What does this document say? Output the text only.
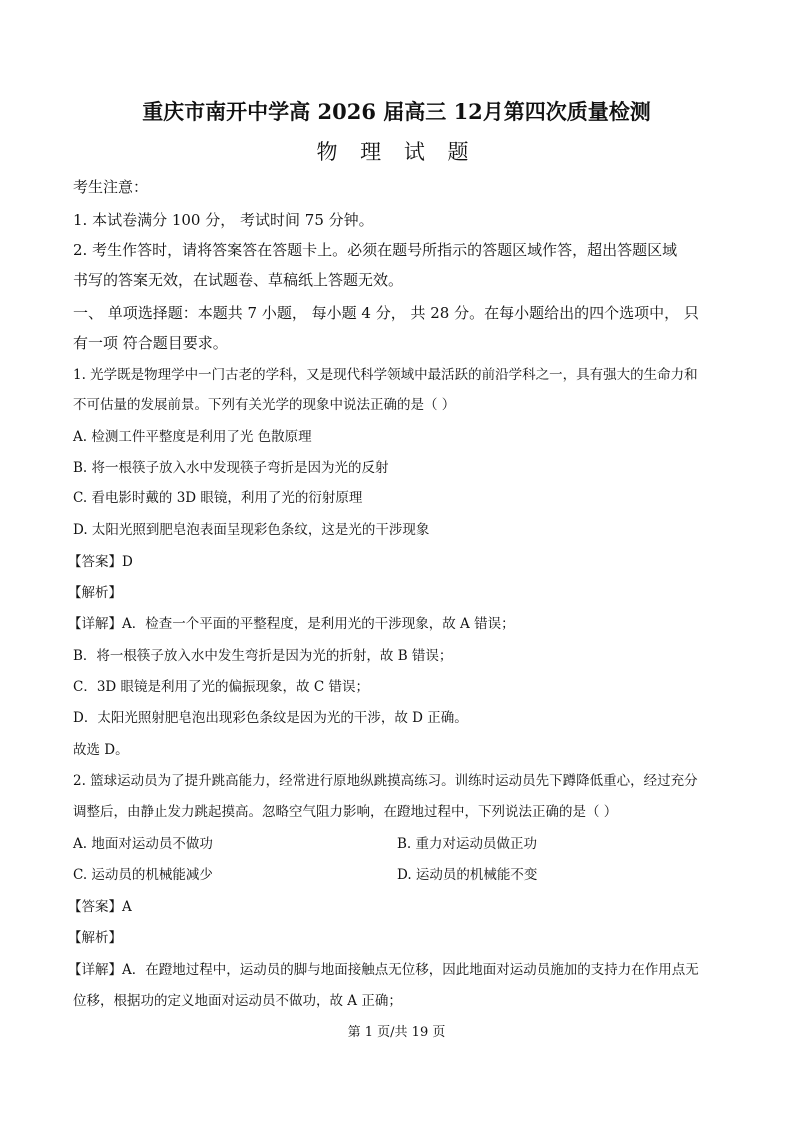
重庆市南开中学高 2026 届高三 12月第四次质量检测
物 理 试 题
考生注意：
1. 本试卷满分 100 分， 考试时间 75 分钟。
2. 考生作答时，请将答案答在答题卡上。必须在题号所指示的答题区域作答，超出答题区域
书写的答案无效，在试题卷、草稿纸上答题无效。
一、 单项选择题：本题共 7 小题， 每小题 4 分， 共 28 分。在每小题给出的四个选项中， 只
有一项 符合题目要求。
1. 光学既是物理学中一门古老的学科，又是现代科学领域中最活跃的前沿学科之一，具有强大的生命力和
不可估量的发展前景。下列有关光学的现象中说法正确的是（ ）
A. 检测工件平整度是利用了光 色散原理
B. 将一根筷子放入水中发现筷子弯折是因为光的反射
C. 看电影时戴的 3D 眼镜，利用了光的衍射原理
D. 太阳光照到肥皂泡表面呈现彩色条纹，这是光的干涉现象
【答案】D
【解析】
【详解】A．检查一个平面的平整程度，是利用光的干涉现象，故 A 错误；
B．将一根筷子放入水中发生弯折是因为光的折射，故 B 错误；
C．3D 眼镜是利用了光的偏振现象，故 C 错误；
D．太阳光照射肥皂泡出现彩色条纹是因为光的干涉，故 D 正确。
故选 D。
2. 篮球运动员为了提升跳高能力，经常进行原地纵跳摸高练习。训练时运动员先下蹲降低重心，经过充分
调整后，由静止发力跳起摸高。忽略空气阻力影响，在蹬地过程中，下列说法正确的是（ ）
A. 地面对运动员不做功	B. 重力对运动员做正功
C. 运动员的机械能减少	D. 运动员的机械能不变
【答案】A
【解析】
【详解】A．在蹬地过程中，运动员的脚与地面接触点无位移，因此地面对运动员施加的支持力在作用点无
位移，根据功的定义地面对运动员不做功，故 A 正确；
第 1 页/共 19 页
